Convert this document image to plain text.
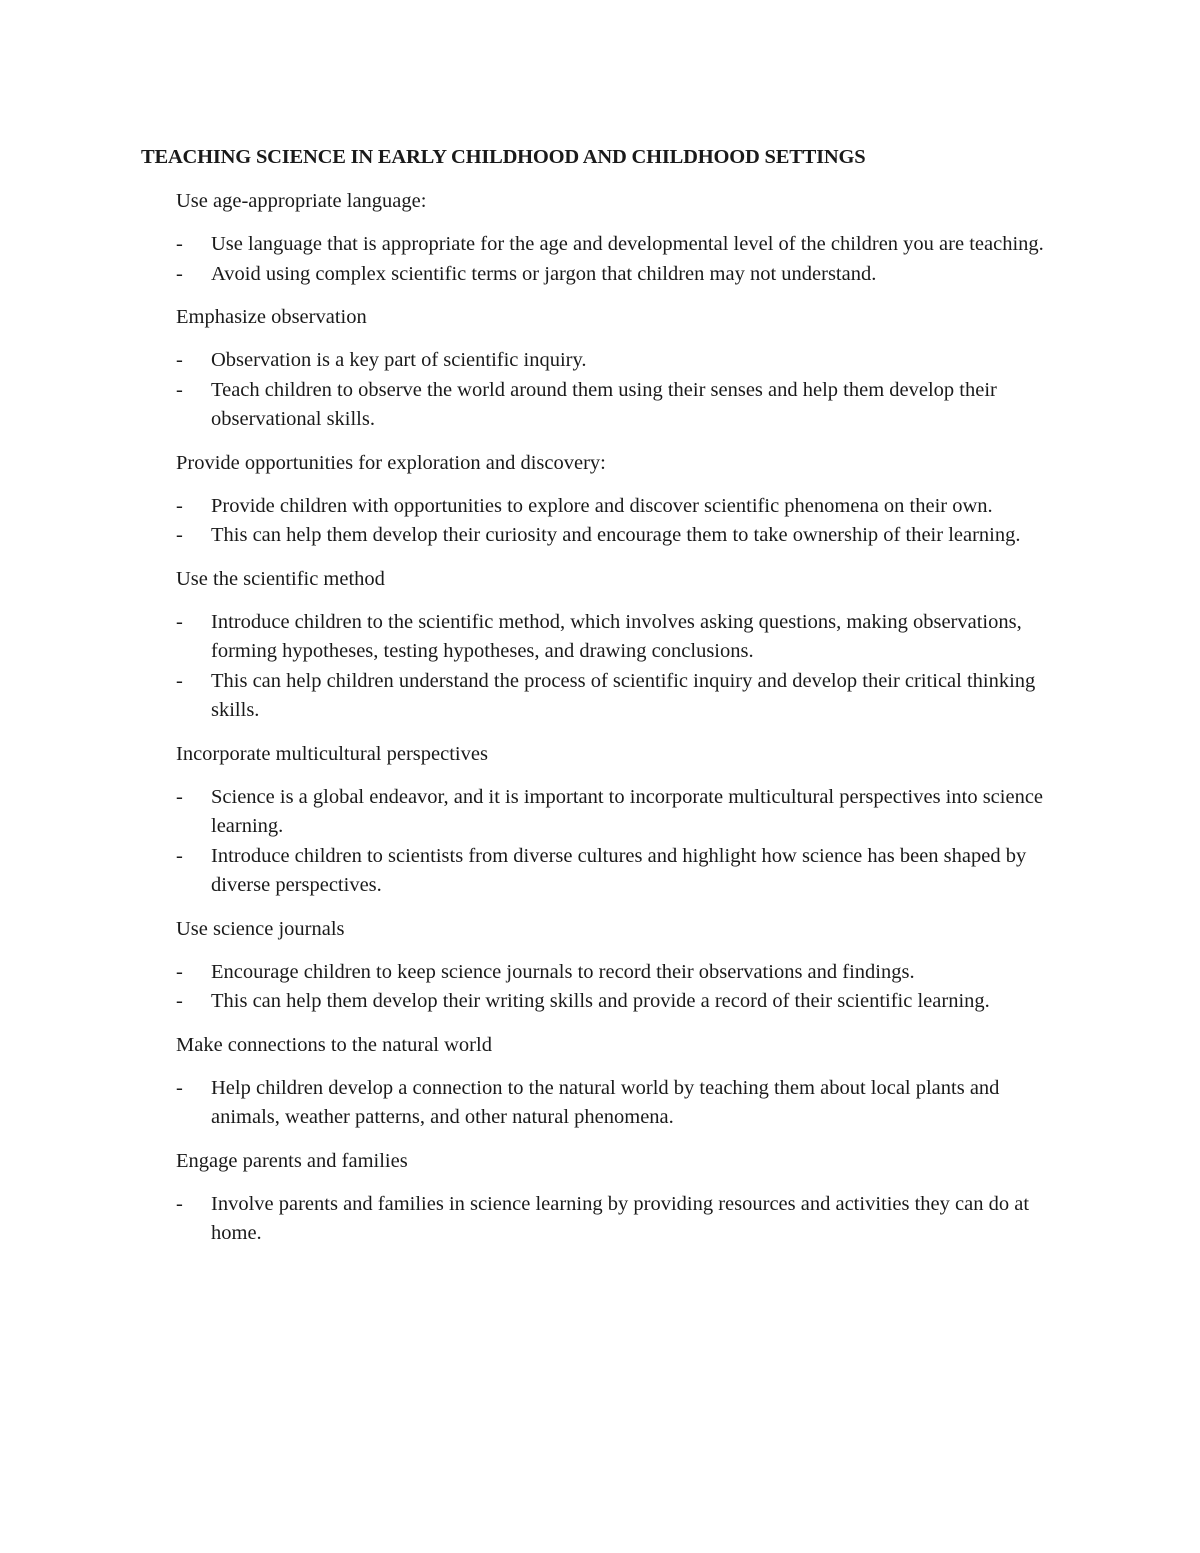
TEACHING SCIENCE IN EARLY CHILDHOOD AND CHILDHOOD SETTINGS
Use age-appropriate language:
-	Use language that is appropriate for the age and developmental level of the children you are teaching.
-	Avoid using complex scientific terms or jargon that children may not understand.
Emphasize observation
-	Observation is a key part of scientific inquiry.
-	Teach children to observe the world around them using their senses and help them develop their observational skills.
Provide opportunities for exploration and discovery:
-	Provide children with opportunities to explore and discover scientific phenomena on their own.
-	This can help them develop their curiosity and encourage them to take ownership of their learning.
Use the scientific method
-	Introduce children to the scientific method, which involves asking questions, making observations, forming hypotheses, testing hypotheses, and drawing conclusions.
-	This can help children understand the process of scientific inquiry and develop their critical thinking skills.
Incorporate multicultural perspectives
-	Science is a global endeavor, and it is important to incorporate multicultural perspectives into science learning.
-	Introduce children to scientists from diverse cultures and highlight how science has been shaped by diverse perspectives.
Use science journals
-	Encourage children to keep science journals to record their observations and findings.
-	This can help them develop their writing skills and provide a record of their scientific learning.
Make connections to the natural world
-	Help children develop a connection to the natural world by teaching them about local plants and animals, weather patterns, and other natural phenomena.
Engage parents and families
-	Involve parents and families in science learning by providing resources and activities they can do at home.
